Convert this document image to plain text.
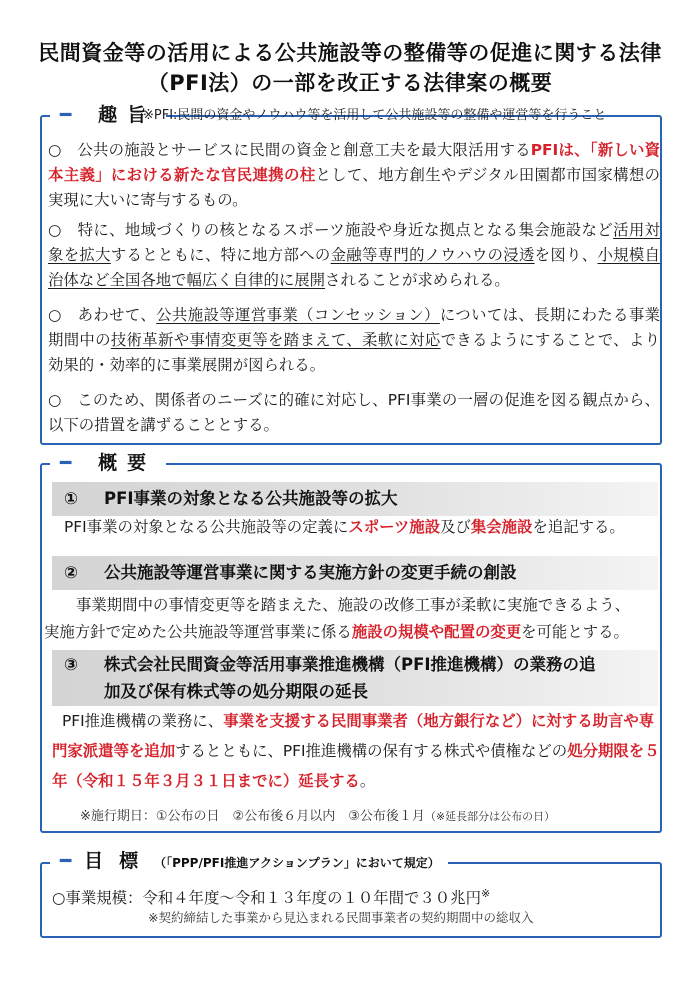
民間資金等の活用による公共施設等の整備等の促進に関する法律
（PFI法）の一部を改正する法律案の概要
━ 趣旨
※PFI:民間の資金やノウハウ等を活用して公共施設等の整備や運営等を行うこと
○　公共の施設とサービスに民間の資金と創意工夫を最大限活用するPFIは、「新しい資本主義」における新たな官民連携の柱として、地方創生やデジタル田園都市国家構想の実現に大いに寄与するもの。
○　特に、地域づくりの核となるスポーツ施設や身近な拠点となる集会施設など活用対象を拡大するとともに、特に地方部への金融等専門的ノウハウの浸透を図り、小規模自治体など全国各地で幅広く自律的に展開されることが求められる。
○　あわせて、公共施設等運営事業（コンセッション）については、長期にわたる事業期間中の技術革新や事情変更等を踏まえて、柔軟に対応できるようにすることで、より効果的・効率的に事業展開が図られる。
○　このため、関係者のニーズに的確に対応し、PFI事業の一層の促進を図る観点から、以下の措置を講ずることとする。
━ 概要
① PFI事業の対象となる公共施設等の拡大
PFI事業の対象となる公共施設等の定義にスポーツ施設及び集会施設を追記する。
② 公共施設等運営事業に関する実施方針の変更手続の創設
事業期間中の事情変更等を踏まえた、施設の改修工事が柔軟に実施できるよう、
実施方針で定めた公共施設等運営事業に係る施設の規模や配置の変更を可能とする。
③ 株式会社民間資金等活用事業推進機構（PFI推進機構）の業務の追
加及び保有株式等の処分期限の延長
PFI推進機構の業務に、事業を支援する民間事業者（地方銀行など）に対する助言や専門家派遣等を追加するとともに、PFI推進機構の保有する株式や債権などの処分期限を５年（令和１５年３月３１日までに）延長する。
※施行期日：①公布の日　②公布後６月以内　③公布後１月（※延長部分は公布の日）
━ 目標（「PPP/PFI推進アクションプラン」において規定）
○事業規模：令和４年度～令和１３年度の１０年間で３０兆円※
※契約締結した事業から見込まれる民間事業者の契約期間中の総収入
